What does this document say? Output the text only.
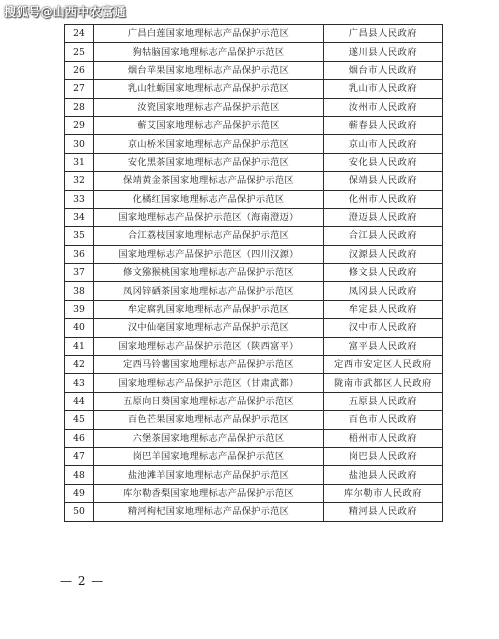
搜狐号@山西中农富通
24	广昌白莲国家地理标志产品保护示范区	广昌县人民政府
25	狗牯脑国家地理标志产品保护示范区	遂川县人民政府
26	烟台苹果国家地理标志产品保护示范区	烟台市人民政府
27	乳山牡蛎国家地理标志产品保护示范区	乳山市人民政府
28	汝瓷国家地理标志产品保护示范区	汝州市人民政府
29	蕲艾国家地理标志产品保护示范区	蕲春县人民政府
30	京山桥米国家地理标志产品保护示范区	京山市人民政府
31	安化黑茶国家地理标志产品保护示范区	安化县人民政府
32	保靖黄金茶国家地理标志产品保护示范区	保靖县人民政府
33	化橘红国家地理标志产品保护示范区	化州市人民政府
34	国家地理标志产品保护示范区（海南澄迈）	澄迈县人民政府
35	合江荔枝国家地理标志产品保护示范区	合江县人民政府
36	国家地理标志产品保护示范区（四川汉源）	汉源县人民政府
37	修文猕猴桃国家地理标志产品保护示范区	修文县人民政府
38	凤冈锌硒茶国家地理标志产品保护示范区	凤冈县人民政府
39	牟定腐乳国家地理标志产品保护示范区	牟定县人民政府
40	汉中仙毫国家地理标志产品保护示范区	汉中市人民政府
41	国家地理标志产品保护示范区（陕西富平）	富平县人民政府
42	定西马铃薯国家地理标志产品保护示范区	定西市安定区人民政府
43	国家地理标志产品保护示范区（甘肃武都）	陇南市武都区人民政府
44	五原向日葵国家地理标志产品保护示范区	五原县人民政府
45	百色芒果国家地理标志产品保护示范区	百色市人民政府
46	六堡茶国家地理标志产品保护示范区	梧州市人民政府
47	岗巴羊国家地理标志产品保护示范区	岗巴县人民政府
48	盐池滩羊国家地理标志产品保护示范区	盐池县人民政府
49	库尔勒香梨国家地理标志产品保护示范区	库尔勒市人民政府
50	精河枸杞国家地理标志产品保护示范区	精河县人民政府
— 2 —
